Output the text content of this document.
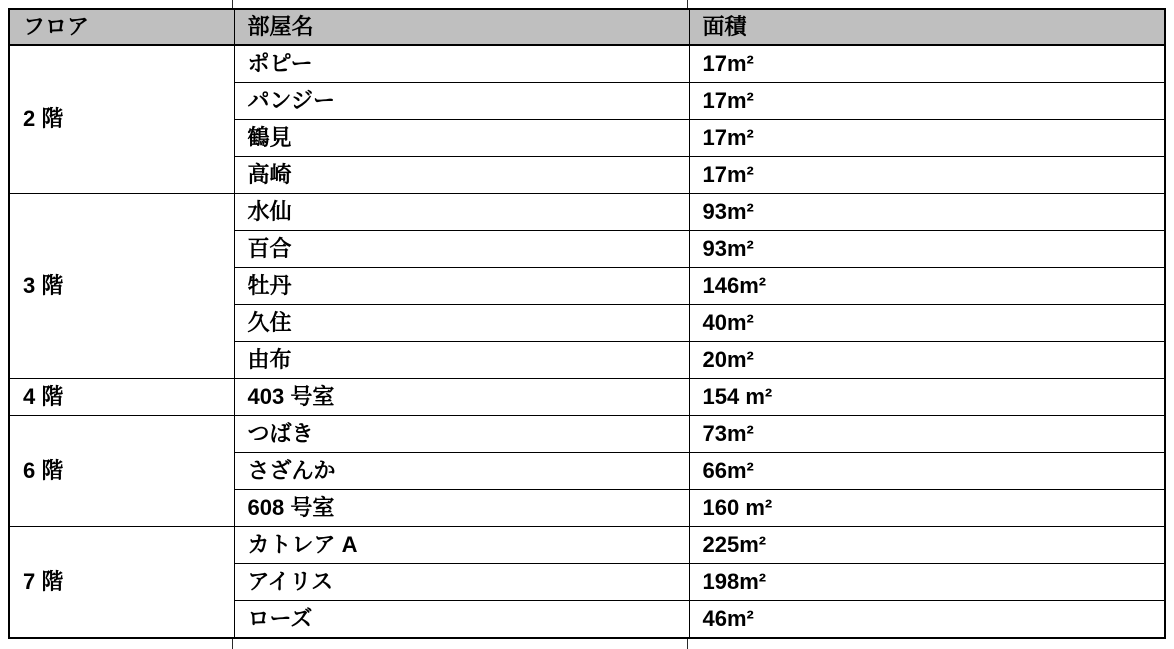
フロア	部屋名	面積
2 階	ポピー	17m²
	パンジー	17m²
	鶴見	17m²
	高崎	17m²
3 階	水仙	93m²
	百合	93m²
	牡丹	146m²
	久住	40m²
	由布	20m²
4 階	403 号室	154 m²
6 階	つばき	73m²
	さざんか	66m²
	608 号室	160 m²
7 階	カトレア A	225m²
	アイリス	198m²
	ローズ	46m²
